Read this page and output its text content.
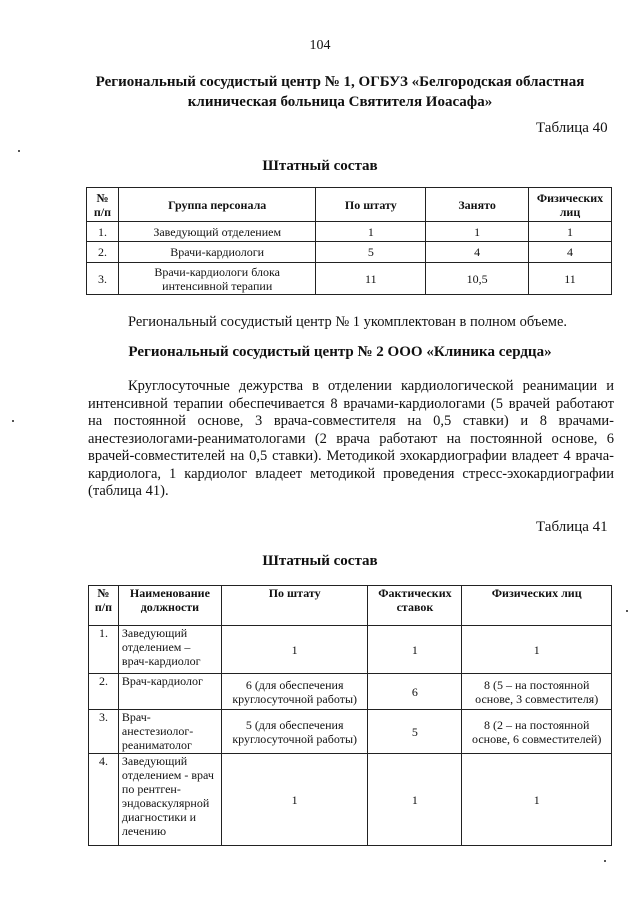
104
Региональный сосудистый центр № 1, ОГБУЗ «Белгородская областная
клиническая больница Святителя Иоасафа»
Таблица 40
Штатный состав
№ п/п	Группа персонала	По штату	Занято	Физических лиц
1.	Заведующий отделением	1	1	1
2.	Врачи-кардиологи	5	4	4
3.	Врачи-кардиологи блока интенсивной терапии	11	10,5	11
Региональный сосудистый центр № 1 укомплектован в полном объеме.
Региональный сосудистый центр № 2 ООО «Клиника сердца»

Круглосуточные дежурства в отделении кардиологической реанимации и интенсивной терапии обеспечивается 8 врачами-кардиологами (5 врачей работают на постоянной основе, 3 врача-совместителя на 0,5 ставки) и 8 врачами- анестезиологами-реаниматологами (2 врача работают на постоянной основе, 6 врачей-совместителей на 0,5 ставки). Методикой эхокардиографии владеет 4 врача-кардиолога, 1 кардиолог владеет методикой проведения стресс-эхокардиографии (таблица 41).

Таблица 41
Штатный состав
№ п/п	Наименование должности	По штату	Фактических ставок	Физических лиц
1.	Заведующий отделением – врач-кардиолог	1	1	1
2.	Врач-кардиолог	6 (для обеспечения круглосуточной работы)	6	8 (5 – на постоянной основе, 3 совместителя)
3.	Врач-анестезиолог-реаниматолог	5 (для обеспечения круглосуточной работы)	5	8 (2 – на постоянной основе, 6 совместителей)
4.	Заведующий отделением - врач по рентген-эндоваскулярной диагностики и лечению	1	1	1
